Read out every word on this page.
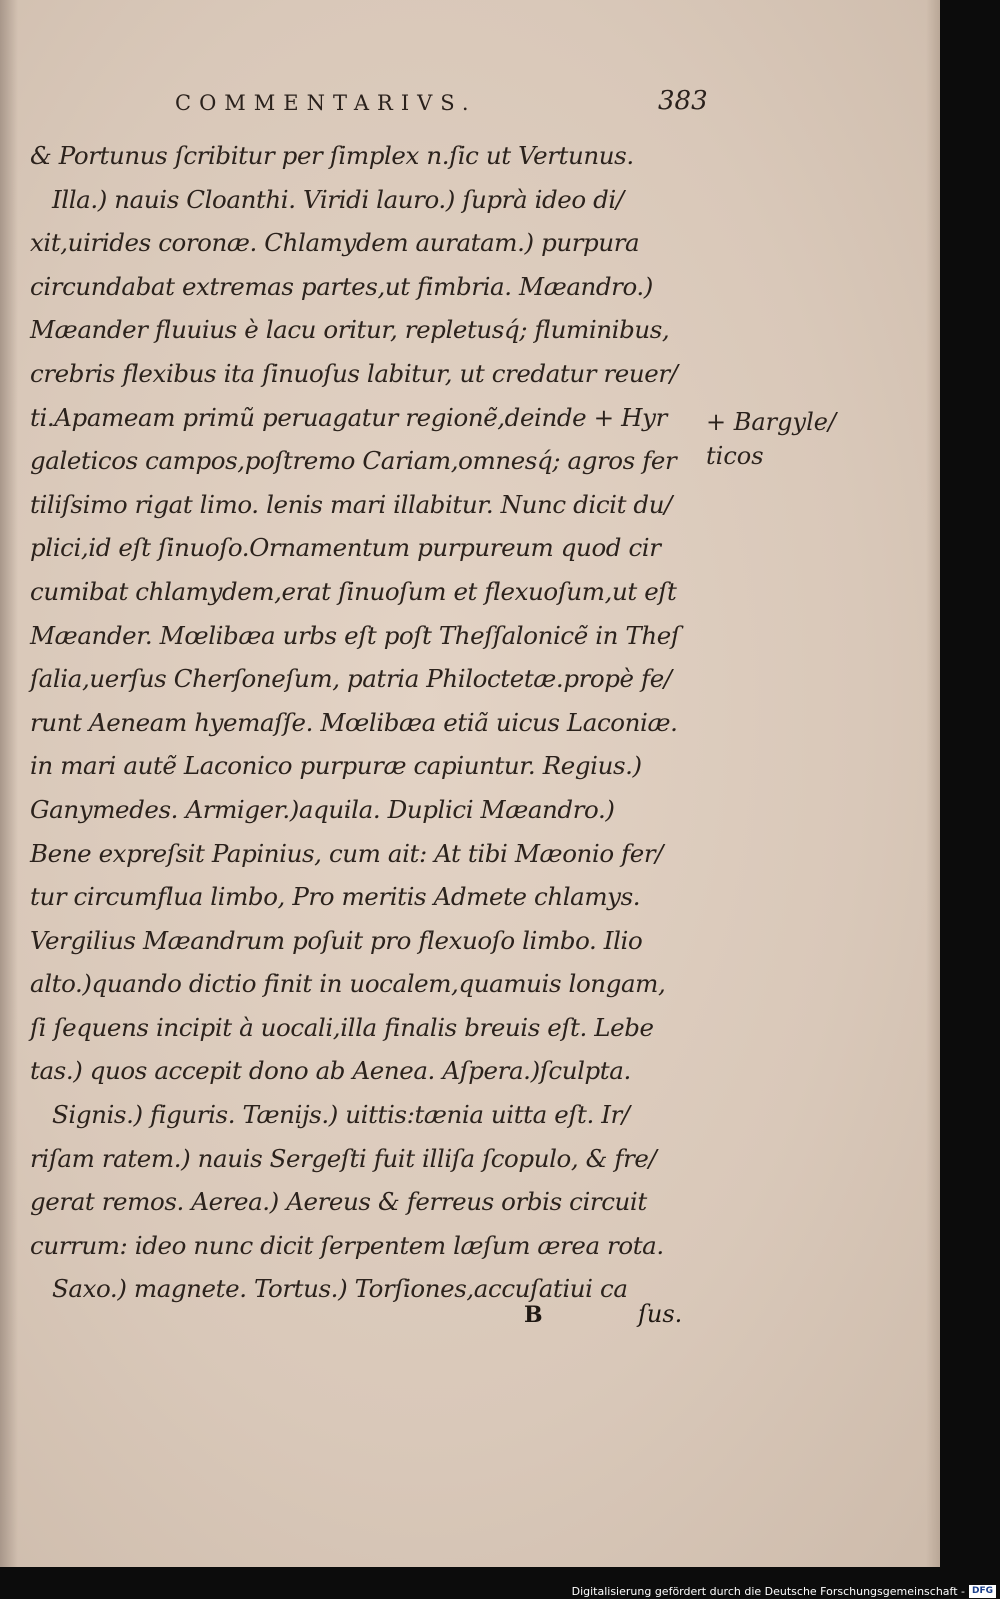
COMMENTARIVS.	383
& Portunus ſcribitur per ſimplex n.ſic ut Vertunus.
Illa.) nauis Cloanthi. Viridi lauro.) ſuprà ideo di/
xit,uirides coronæ. Chlamydem auratam.) purpura
circundabat extremas partes,ut fimbria. Mæandro.)
Mæander fluuius è lacu oritur, repletusq́; fluminibus,
crebris flexibus ita ſinuoſus labitur, ut credatur reuer/
ti.Apameam primũ peruagatur regionẽ,deinde + Hyr
galeticos campos,poſtremo Cariam,omnesq́; agros fer
tiliſsimo rigat limo. lenis mari illabitur. Nunc dicit du/
plici,id eſt ſinuoſo.Ornamentum purpureum quod cir
cumibat chlamydem,erat ſinuoſum et flexuoſum,ut eſt
Mæander. Mœlibæa urbs eſt poſt Theſſalonicẽ in Theſ
ſalia,uerſus Cherſoneſum, patria Philoctetæ.propè fe/
runt Aeneam hyemaſſe. Mœlibæa etiã uicus Laconiæ.
in mari autẽ Laconico purpuræ capiuntur. Regius.)
Ganymedes. Armiger.)aquila. Duplici Mæandro.)
Bene expreſsit Papinius, cum ait: At tibi Mæonio fer/
tur circumflua limbo, Pro meritis Admete chlamys.
Vergilius Mæandrum poſuit pro flexuoſo limbo. Ilio
alto.)quando dictio finit in uocalem,quamuis longam,
ſi ſequens incipit à uocali,illa finalis breuis eſt. Lebe
tas.) quos accepit dono ab Aenea. Aſpera.)ſculpta.
Signis.) figuris. Tænijs.) uittis:tænia uitta eſt. Ir/
riſam ratem.) nauis Sergeſti fuit illiſa ſcopulo, & fre/
gerat remos. Aerea.) Aereus & ferreus orbis circuit
currum: ideo nunc dicit ſerpentem læſum ærea rota.
Saxo.) magnete. Tortus.) Torſiones,accuſatiui ca
+ Bargyle/
ticos
B	ſus.
Digitalisierung gefördert durch die Deutsche Forschungsgemeinschaft - DFG
